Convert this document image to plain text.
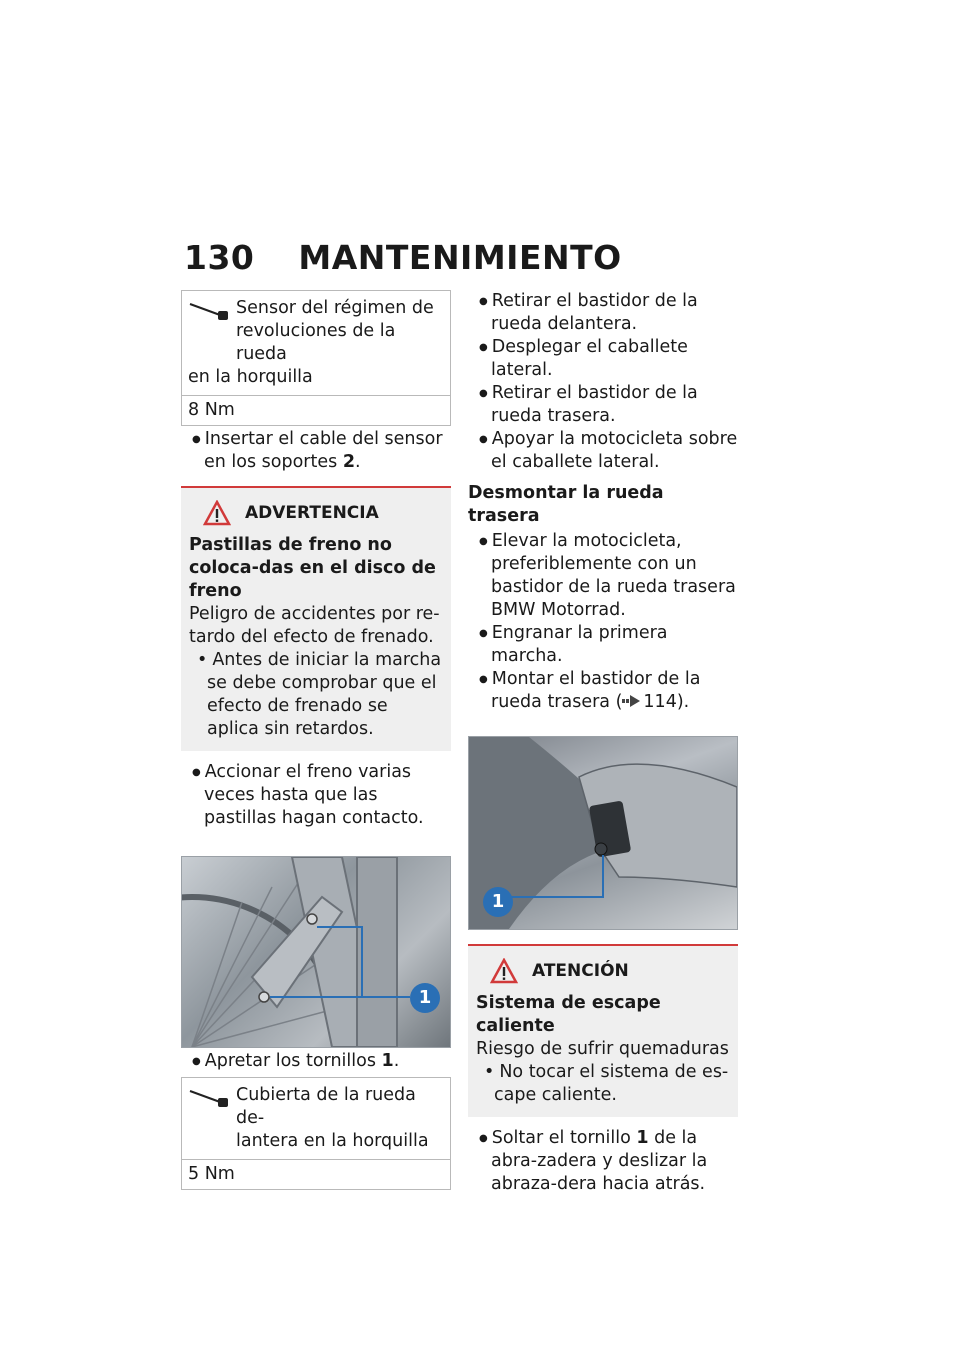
130 MANTENIMIENTO
Sensor del régimen de
revoluciones de la rueda
en la horquilla
8 Nm

● Insertar el cable del sensor en los soportes 2.

ADVERTENCIA
Pastillas de freno no coloca-das en el disco de freno
Peligro de accidentes por re-tardo del efecto de frenado.

• Antes de iniciar la marcha se debe comprobar que el efecto de frenado se aplica sin retardos.

● Accionar el freno varias veces hasta que las pastillas hagan contacto.

1

● Apretar los tornillos 1.

Cubierta de la rueda de-
lantera en la horquilla
5 Nm

● Retirar el bastidor de la rueda delantera.

● Desplegar el caballete lateral.

● Retirar el bastidor de la rueda trasera.

● Apoyar la motocicleta sobre el caballete lateral.

Desmontar la rueda trasera

● Elevar la motocicleta, preferiblemente con un bastidor de la rueda trasera BMW Motorrad.

● Engranar la primera marcha.

● Montar el bastidor de la rueda trasera ( 114).

1
ATENCIÓN
Sistema de escape caliente
Riesgo de sufrir quemaduras

• No tocar el sistema de es-cape caliente.

● Soltar el tornillo 1 de la abra-zadera y deslizar la abraza-dera hacia atrás.
